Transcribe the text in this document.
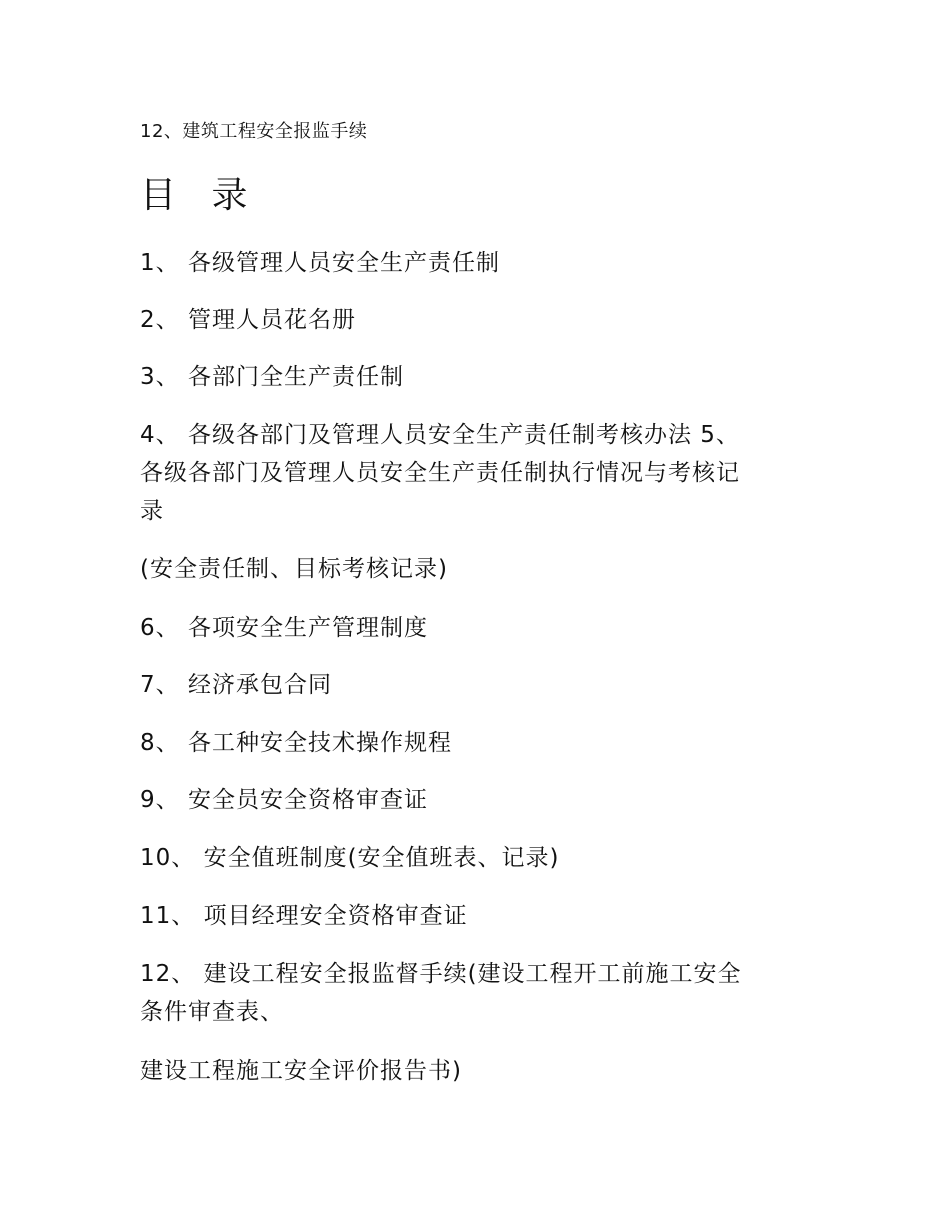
12、建筑工程安全报监手续
目 录
1、 各级管理人员安全生产责任制
2、 管理人员花名册
3、 各部门全生产责任制
4、 各级各部门及管理人员安全生产责任制考核办法 5、
各级各部门及管理人员安全生产责任制执行情况与考核记
录
(安全责任制、目标考核记录)
6、 各项安全生产管理制度
7、 经济承包合同
8、 各工种安全技术操作规程
9、 安全员安全资格审查证
10、 安全值班制度(安全值班表、记录)
11、 项目经理安全资格审查证
12、 建设工程安全报监督手续(建设工程开工前施工安全
条件审查表、
建设工程施工安全评价报告书)
